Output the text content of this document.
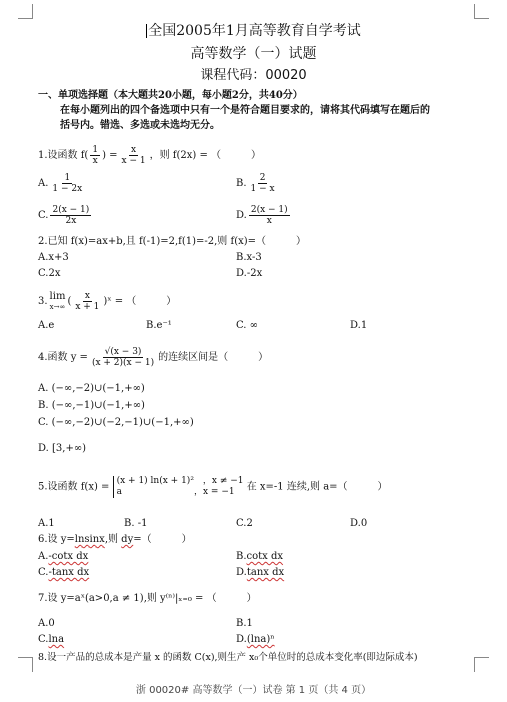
全国2005年1月高等教育自学考试
高等数学（一）试题
课程代码：00020
一、单项选择题（本大题共20小题，每小题2分，共40分）
在每小题列出的四个备选项中只有一个是符合题目要求的，请将其代码填写在题后的
括号内。错选、多选或未选均无分。
1.设函数 $f( \frac{1}{x}$ ) = $\frac{x}{x - 1}$ ，则 f(2x) = （　　　）
A. $\frac{1}{1 - 2x}$	B. $\frac{2}{1 - x}$
C. $\frac{2(x - 1)}{2x}$	D. $\frac{2(x - 1)}{x}$
2.已知 f(x)=ax+b,且 f(-1)=2,f(1)=-2,则 f(x)=（　　　）
A.x+3	B.x-3
C.2x	D.-2x
3. lim
x→∞ ( $\frac{x}{x + 1}$ )ˣ = （　　　）
A.e	B.e⁻¹	C. ∞	D.1
4.函数 $y = \frac{√(x - 3)}{(x + 2)(x - 1)}$ 的连续区间是（　　　）
A. (−∞,−2)∪(−1,+∞)
B. (−∞,−1)∪(−1,+∞)
C. (−∞,−2)∪(−2,−1)∪(−1,+∞)
D. [3,+∞)
5.设函数 f(x) = (x + 1) ln(x + 1)²　，x ≠ −1
a　　　　　　　　，x = −1 在 x=-1 连续,则 a=（　　　）
A.1	B. -1	C.2	D.0
6.设 y=lnsinx,则 dy=（　　　）
A.-cotx dx	B.cotx dx
C.-tanx dx	D.tanx dx
7.设 y=aˣ(a>0,a ≠ 1),则 y⁽ⁿ⁾|ₓ₌₀ = （　　　）
A.0	B.1
C.lna	D.(lna)ⁿ
8.设一产品的总成本是产量 x 的函数 C(x),则生产 x₀个单位时的总成本变化率(即边际成本)
浙 00020# 高等数学（一）试卷 第 1 页（共 4 页）
